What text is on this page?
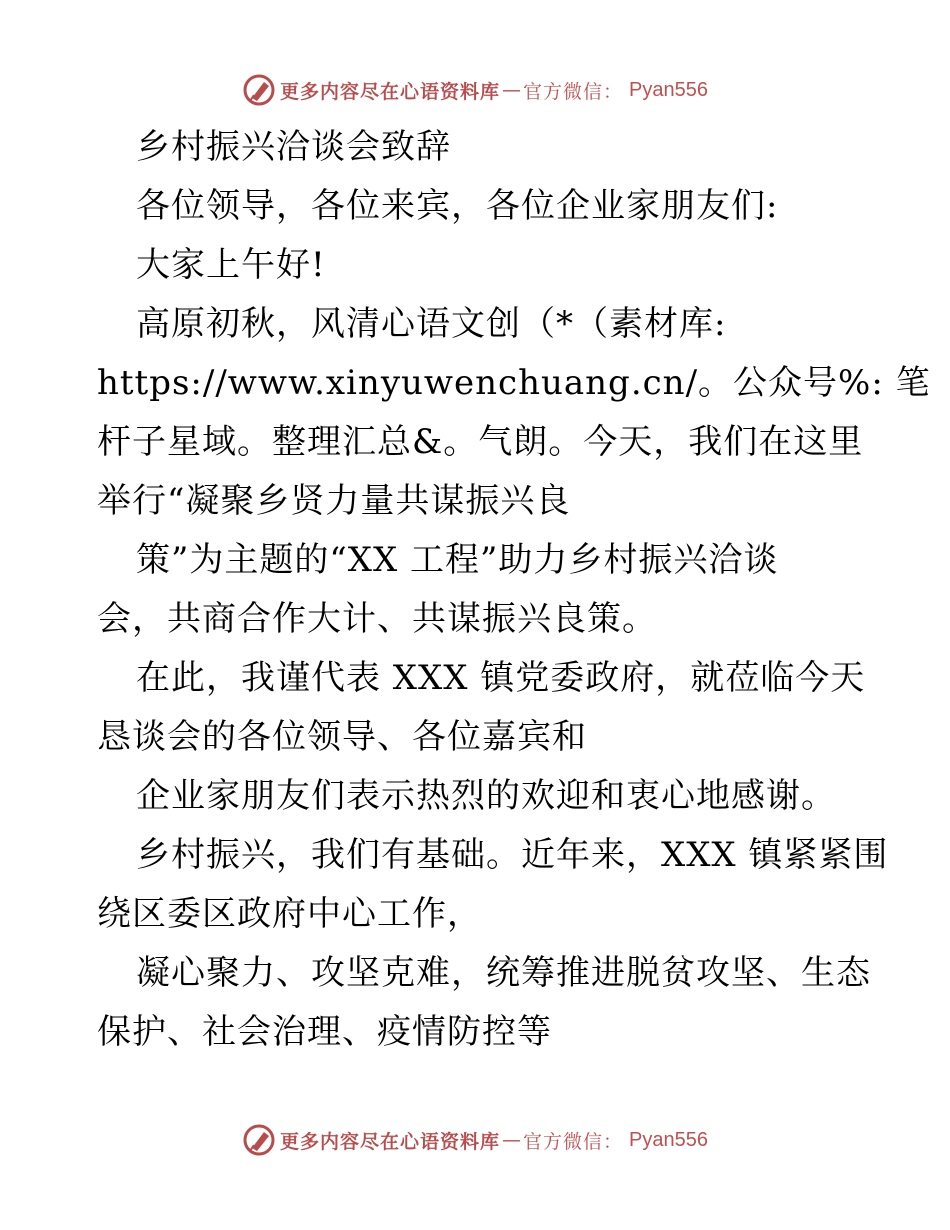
更多内容尽在心语资料库 — 官方微信： Pyan556
乡村振兴洽谈会致辞
各位领导，各位来宾，各位企业家朋友们:
大家上午好!
高原初秋，风清心语文创（*（素材库:
https://www.xinyuwenchuang.cn/。公众号%: 笔
杆子星域。整理汇总&。气朗。今天，我们在这里
举行“凝聚乡贤力量共谋振兴良
策”为主题的“XX 工程”助力乡村振兴洽谈
会，共商合作大计、共谋振兴良策。
在此，我谨代表 XXX 镇党委政府，就莅临今天
恳谈会的各位领导、各位嘉宾和
企业家朋友们表示热烈的欢迎和衷心地感谢。
乡村振兴，我们有基础。近年来，XXX 镇紧紧围
绕区委区政府中心工作，
凝心聚力、攻坚克难，统筹推进脱贫攻坚、生态
保护、社会治理、疫情防控等
更多内容尽在心语资料库 — 官方微信： Pyan556
